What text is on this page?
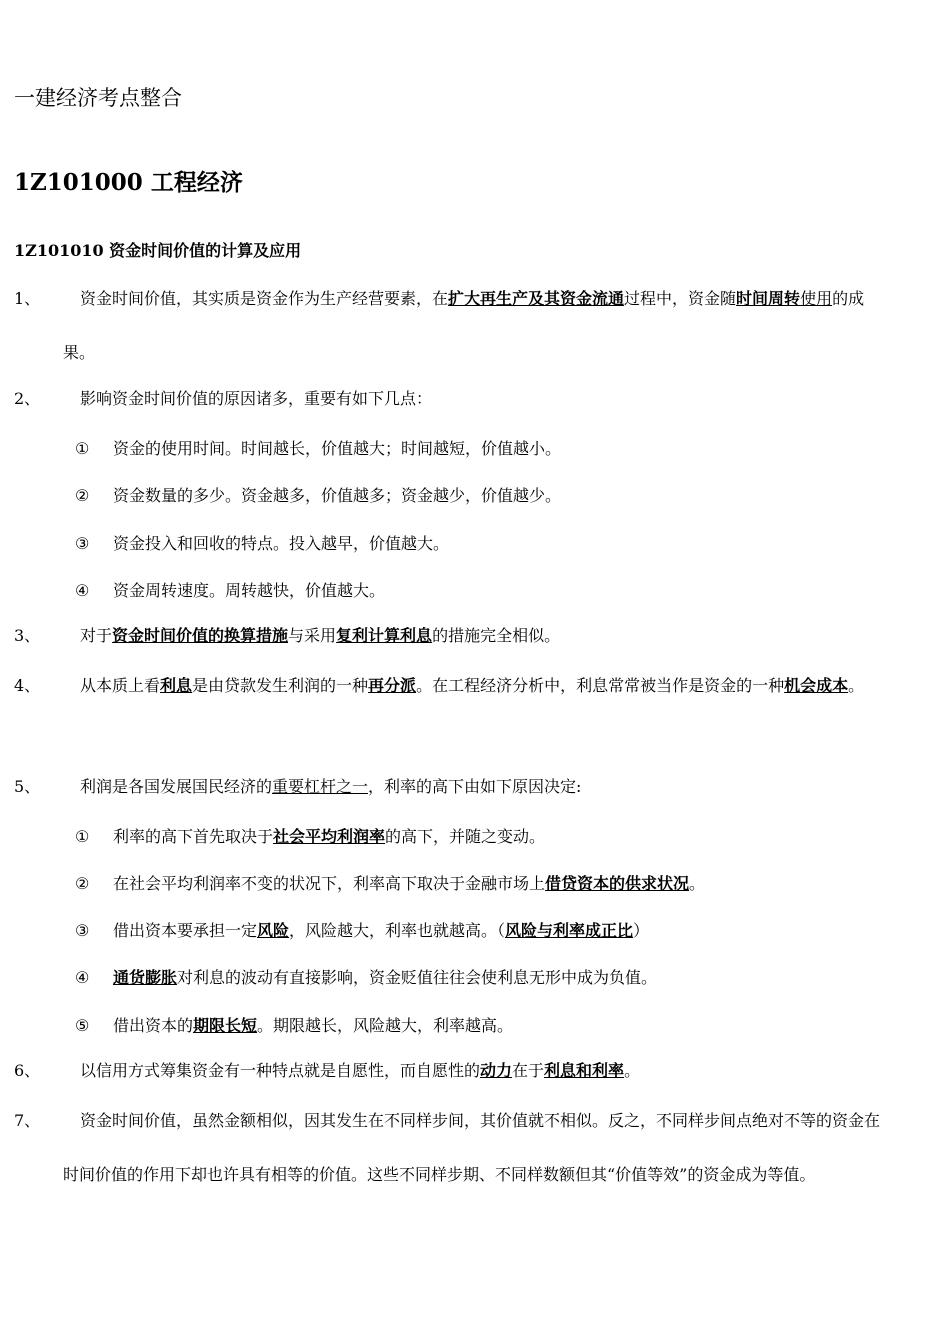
一建经济考点整合
1Z101000 工程经济
1Z101010 资金时间价值的计算及应用
1、	资金时间价值，其实质是资金作为生产经营要素，在扩大再生产及其资金流通过程中，资金随时间周转使用的成果。
2、	影响资金时间价值的原因诸多，重要有如下几点：
① 资金的使用时间。时间越长，价值越大；时间越短，价值越小。
② 资金数量的多少。资金越多，价值越多；资金越少，价值越少。
③ 资金投入和回收的特点。投入越早，价值越大。
④ 资金周转速度。周转越快，价值越大。
3、	对于资金时间价值的换算措施与采用复利计算利息的措施完全相似。
4、	从本质上看利息是由贷款发生利润的一种再分派。在工程经济分析中，利息常常被当作是资金的一种机会成本。
5、	利润是各国发展国民经济的重要杠杆之一，利率的高下由如下原因决定:
① 利率的高下首先取决于社会平均利润率的高下，并随之变动。
② 在社会平均利润率不变的状况下，利率高下取决于金融市场上借贷资本的供求状况。
③ 借出资本要承担一定风险，风险越大，利率也就越高。（风险与利率成正比）
④ 通货膨胀对利息的波动有直接影响，资金贬值往往会使利息无形中成为负值。
⑤ 借出资本的期限长短。期限越长，风险越大，利率越高。
6、	以信用方式筹集资金有一种特点就是自愿性，而自愿性的动力在于利息和利率。
7、	资金时间价值，虽然金额相似，因其发生在不同样步间，其价值就不相似。反之，不同样步间点绝对不等的资金在时间价值的作用下却也许具有相等的价值。这些不同样步期、不同样数额但其“价值等效”的资金成为等值。
